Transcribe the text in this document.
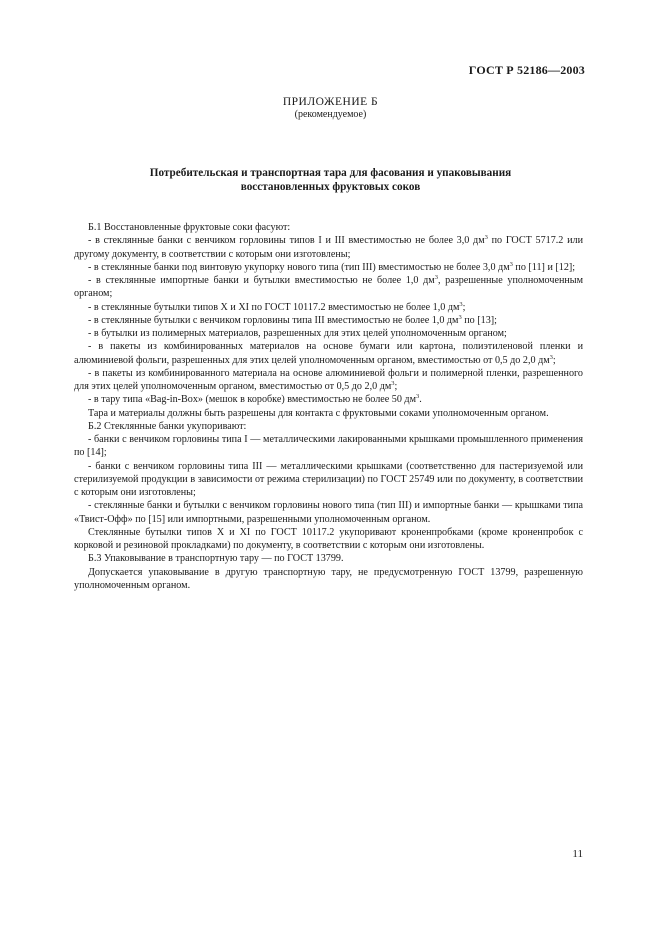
ГОСТ Р 52186—2003
ПРИЛОЖЕНИЕ Б
(рекомендуемое)
Потребительская и транспортная тара для фасования и упаковывания
восстановленных фруктовых соков

Б.1 Восстановленные фруктовые соки фасуют:

- в стеклянные банки с венчиком горловины типов I и III вместимостью не более 3,0 $дм^3$ по ГОСТ 5717.2 или другому документу, в соответствии с которым они изготовлены;

- в стеклянные банки под винтовую укупорку нового типа (тип III) вместимостью не более 3,0 $дм^3$ по [11] и [12];

- в стеклянные импортные банки и бутылки вместимостью не более 1,0 $дм^3$, разрешенные уполномоченным органом;

- в стеклянные бутылки типов X и XI по ГОСТ 10117.2 вместимостью не более 1,0 $дм^3$;

- в стеклянные бутылки с венчиком горловины типа III вместимостью не более 1,0 $дм^3$ по [13];

- в бутылки из полимерных материалов, разрешенных для этих целей уполномоченным органом;

- в пакеты из комбинированных материалов на основе бумаги или картона, полиэтиленовой пленки и алюминиевой фольги, разрешенных для этих целей уполномоченным органом, вместимостью от 0,5 до 2,0 $дм^3$;

- в пакеты из комбинированного материала на основе алюминиевой фольги и полимерной пленки, разрешенного для этих целей уполномоченным органом, вместимостью от 0,5 до 2,0 $дм^3$;

- в тару типа «Bag-in-Box» (мешок в коробке) вместимостью не более 50 $дм^3$.

Тара и материалы должны быть разрешены для контакта с фруктовыми соками уполномоченным органом.

Б.2 Стеклянные банки укупоривают:

- банки с венчиком горловины типа I — металлическими лакированными крышками промышленного применения по [14];

- банки с венчиком горловины типа III — металлическими крышками (соответственно для пастеризуемой или стерилизуемой продукции в зависимости от режима стерилизации) по ГОСТ 25749 или по документу, в соответствии с которым они изготовлены;

- стеклянные банки и бутылки с венчиком горловины нового типа (тип III) и импортные банки — крышками типа «Твист-Офф» по [15] или импортными, разрешенными уполномоченным органом.

Стеклянные бутылки типов X и XI по ГОСТ 10117.2 укупоривают кроненпробками (кроме кроненпробок с корковой и резиновой прокладками) по документу, в соответствии с которым они изготовлены.

Б.3 Упаковывание в транспортную тару — по ГОСТ 13799.

Допускается упаковывание в другую транспортную тару, не предусмотренную ГОСТ 13799, разрешенную уполномоченным органом.

11
